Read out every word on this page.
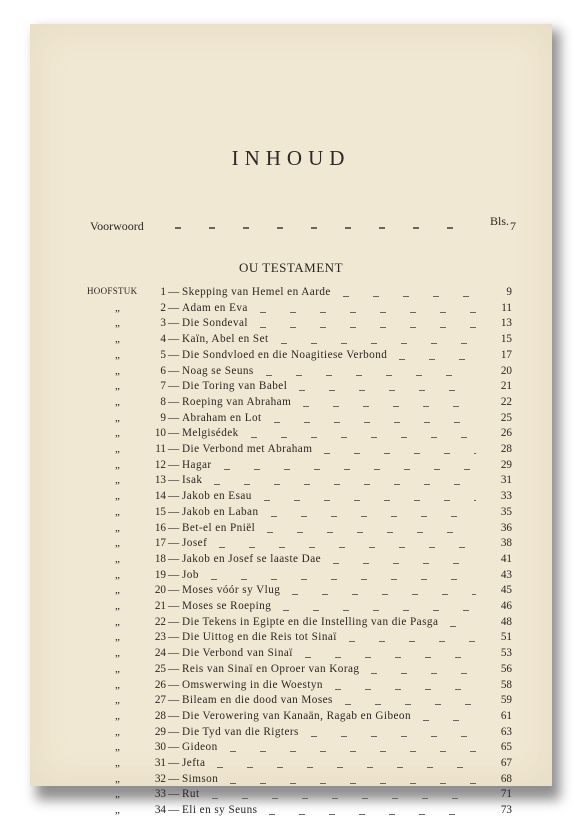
INHOUD
Bls.
Voorwoord	7
OU TESTAMENT
HOOFSTUK	1 — Skepping van Hemel en Aarde	9
„	2 — Adam en Eva	11
„	3 — Die Sondeval	13
„	4 — Kaïn, Abel en Set	15
„	5 — Die Sondvloed en die Noagitiese Verbond	17
„	6 — Noag se Seuns	20
„	7 — Die Toring van Babel	21
„	8 — Roeping van Abraham	22
„	9 — Abraham en Lot	25
„	10 — Melgisédek	26
„	11 — Die Verbond met Abraham	28
„	12 — Hagar	29
„	13 — Isak	31
„	14 — Jakob en Esau	33
„	15 — Jakob en Laban	35
„	16 — Bet-el en Pniël	36
„	17 — Josef	38
„	18 — Jakob en Josef se laaste Dae	41
„	19 — Job	43
„	20 — Moses vóór sy Vlug	45
„	21 — Moses se Roeping	46
„	22 — Die Tekens in Egipte en die Instelling van die Pasga	48
„	23 — Die Uittog en die Reis tot Sinaï	51
„	24 — Die Verbond van Sinaï	53
„	25 — Reis van Sinaï en Oproer van Korag	56
„	26 — Omswerwing in die Woestyn	58
„	27 — Bileam en die dood van Moses	59
„	28 — Die Verowering van Kanaän, Ragab en Gibeon	61
„	29 — Die Tyd van die Rigters	63
„	30 — Gideon	65
„	31 — Jefta	67
„	32 — Simson	68
„	33 — Rut	71
„	34 — Eli en sy Seuns	73
